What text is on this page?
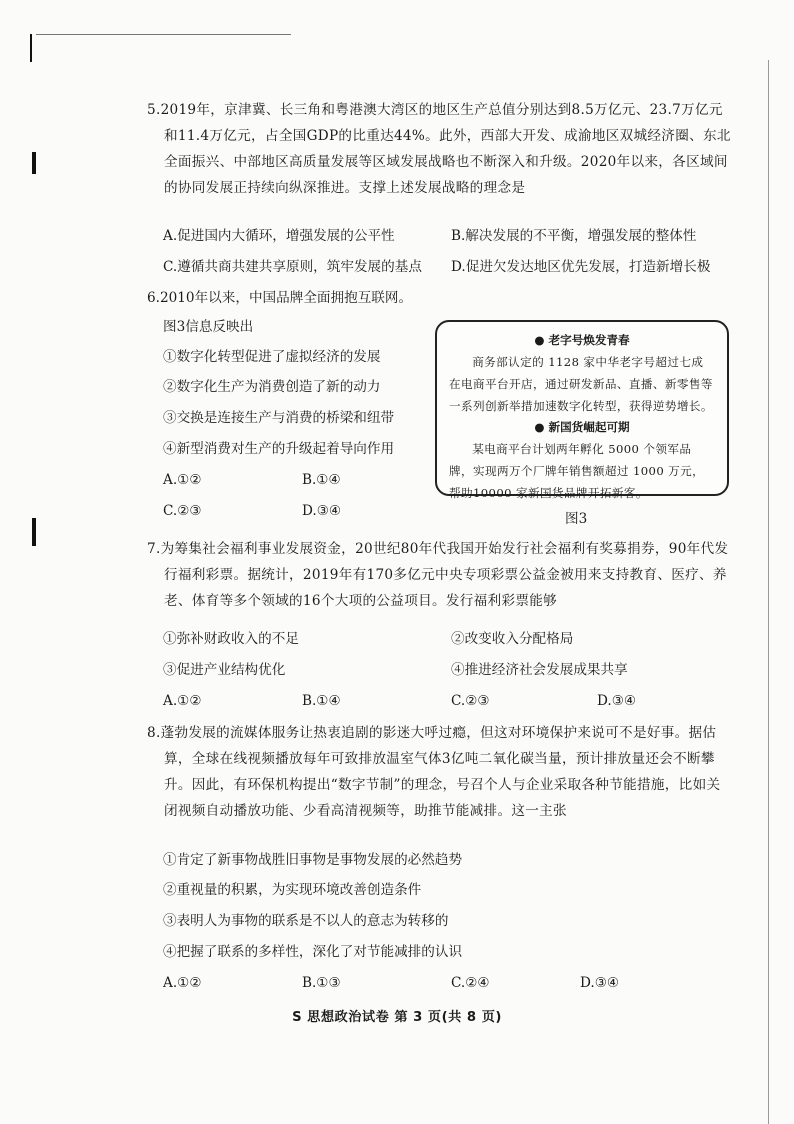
5.2019年，京津冀、长三角和粤港澳大湾区的地区生产总值分别达到8.5万亿元、23.7万亿元和11.4万亿元，占全国GDP的比重达44%。此外，西部大开发、成渝地区双城经济圈、东北全面振兴、中部地区高质量发展等区域发展战略也不断深入和升级。2020年以来，各区域间的协同发展正持续向纵深推进。支撑上述发展战略的理念是

A.促进国内大循环，增强发展的公平性	B.解决发展的不平衡，增强发展的整体性
C.遵循共商共建共享原则，筑牢发展的基点 D.促进欠发达地区优先发展，打造新增长极
6.2010年以来，中国品牌全面拥抱互联网。
图3信息反映出
①数字化转型促进了虚拟经济的发展
②数字化生产为消费创造了新的动力
③交换是连接生产与消费的桥梁和纽带
④新型消费对生产的升级起着导向作用
A.①②	B.①④
C.②③	D.③④
● 老字号焕发青春

商务部认定的 1128 家中华老字号超过七成在电商平台开店，通过研发新品、直播、新零售等一系列创新举措加速数字化转型，获得逆势增长。

● 新国货崛起可期

某电商平台计划两年孵化 5000 个领军品牌，实现两万个厂牌年销售额超过 1000 万元，帮助10000 家新国货品牌开拓新客。

图3

7.为筹集社会福利事业发展资金，20世纪80年代我国开始发行社会福利有奖募捐券，90年代发行福利彩票。据统计，2019年有170多亿元中央专项彩票公益金被用来支持教育、医疗、养老、体育等多个领域的16个大项的公益项目。发行福利彩票能够

①弥补财政收入的不足	②改变收入分配格局
③促进产业结构优化	④推进经济社会发展成果共享
A.①②	B.①④	C.②③	D.③④

8.蓬勃发展的流媒体服务让热衷追剧的影迷大呼过瘾，但这对环境保护来说可不是好事。据估算，全球在线视频播放每年可致排放温室气体3亿吨二氧化碳当量，预计排放量还会不断攀升。因此，有环保机构提出“数字节制”的理念，号召个人与企业采取各种节能措施，比如关闭视频自动播放功能、少看高清视频等，助推节能减排。这一主张

①肯定了新事物战胜旧事物是事物发展的必然趋势
②重视量的积累，为实现环境改善创造条件
③表明人为事物的联系是不以人的意志为转移的
④把握了联系的多样性，深化了对节能减排的认识
A.①②	B.①③	C.②④	D.③④
S 思想政治试卷 第 3 页(共 8 页)
